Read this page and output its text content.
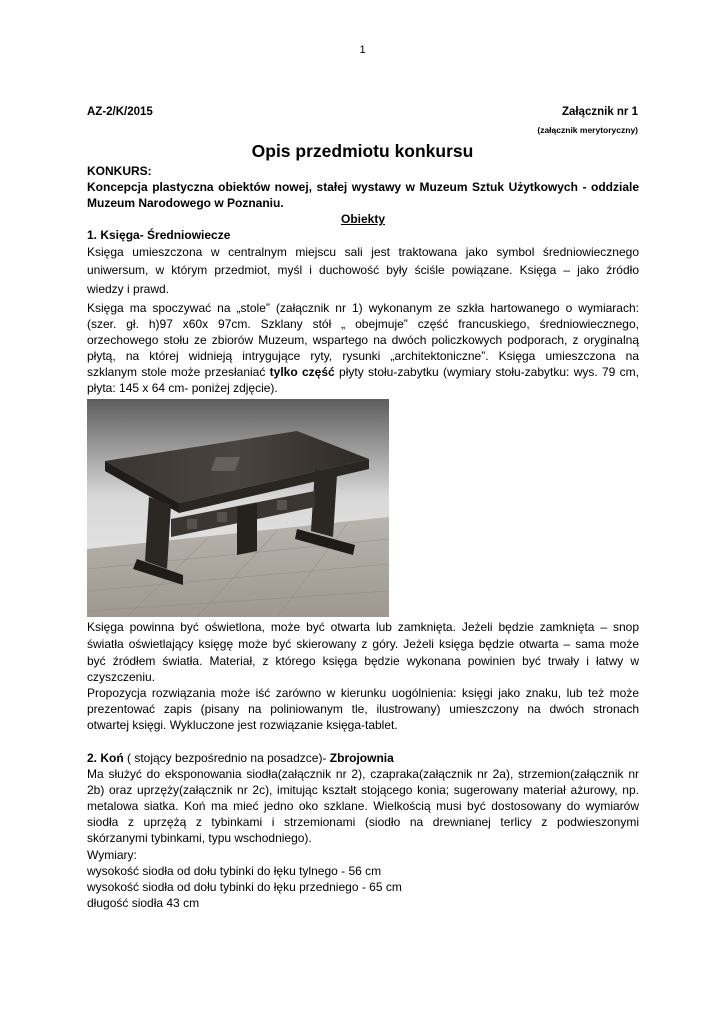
1
AZ-2/K/2015	Załącznik nr 1
(załącznik merytoryczny)
Opis przedmiotu konkursu
KONKURS:
Koncepcja plastyczna obiektów nowej, stałej wystawy w Muzeum Sztuk Użytkowych - oddziale
Muzeum Narodowego w Poznaniu.
Obiekty
1. Księga- Średniowiecze
Księga umieszczona w centralnym miejscu sali jest traktowana jako symbol średniowiecznego
uniwersum, w którym przedmiot, myśl i duchowość były ściśle powiązane. Księga – jako źródło
wiedzy i prawd.
Księga ma spoczywać na „stole” (załącznik nr 1) wykonanym ze szkła hartowanego o wymiarach:
(szer. gł. h)97 x60x 97cm. Szklany stół „ obejmuje” część francuskiego, średniowiecznego,
orzechowego stołu ze zbiorów Muzeum, wspartego na dwóch policzkowych podporach, z oryginalną
płytą, na której widnieją intrygujące ryty, rysunki „architektoniczne”. Księga umieszczona na
szklanym stole może przesłaniać tylko część płyty stołu-zabytku (wymiary stołu-zabytku: wys. 79 cm,
płyta: 145 x 64 cm- poniżej zdjęcie).
Księga powinna być oświetlona, może być otwarta lub zamknięta. Jeżeli będzie zamknięta – snop
światła oświetlający księgę może być skierowany z góry. Jeżeli księga będzie otwarta – sama może
być źródłem światła. Materiał, z którego księga będzie wykonana powinien być trwały i łatwy w
czyszczeniu.
Propozycja rozwiązania może iść zarówno w kierunku uogólnienia: księgi jako znaku, lub też może
prezentować zapis (pisany na poliniowanym tle, ilustrowany) umieszczony na dwóch stronach
otwartej księgi. Wykluczone jest rozwiązanie księga-tablet.
2. Koń ( stojący bezpośrednio na posadzce)- Zbrojownia
Ma służyć do eksponowania siodła(załącznik nr 2), czapraka(załącznik nr 2a), strzemion(załącznik nr
2b) oraz uprzęży(załącznik nr 2c), imitując kształt stojącego konia; sugerowany materiał ażurowy, np.
metalowa siatka. Koń ma mieć jedno oko szklane. Wielkością musi być dostosowany do wymiarów
siodła z uprzężą z tybinkami i strzemionami (siodło na drewnianej terlicy z podwieszonymi
skórzanymi tybinkami, typu wschodniego).
Wymiary:
wysokość siodła od dołu tybinki do łęku tylnego - 56 cm
wysokość siodła od dołu tybinki do łęku przedniego - 65 cm
długość siodła 43 cm
